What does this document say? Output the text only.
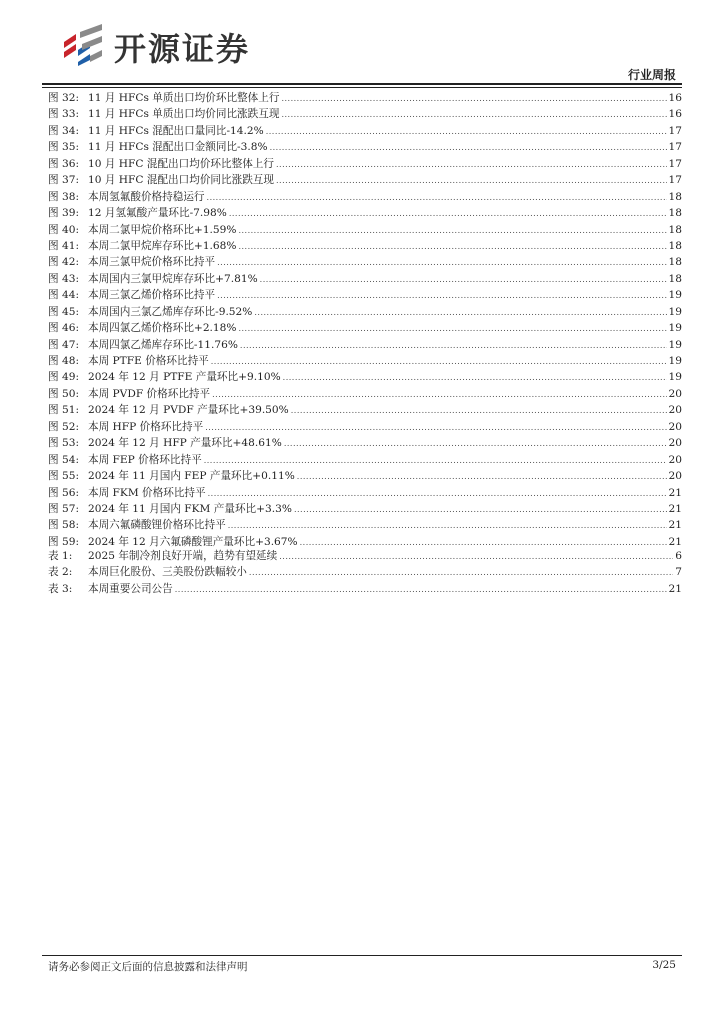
开源证券
行业周报
图 32: 11 月 HFCs 单质出口均价环比整体上行 .....	16
图 33: 11 月 HFCs 单质出口均价同比涨跌互现 .....	16
图 34: 11 月 HFCs 混配出口量同比-14.2% .....	17
图 35: 11 月 HFCs 混配出口金额同比-3.8% .....	17
图 36: 10 月 HFC 混配出口均价环比整体上行 .....	17
图 37: 10 月 HFC 混配出口均价同比涨跌互现 .....	17
图 38: 本周氢氟酸价格持稳运行 .....	18
图 39: 12 月氢氟酸产量环比-7.98% .....	18
图 40: 本周二氯甲烷价格环比+1.59% .....	18
图 41: 本周二氯甲烷库存环比+1.68% .....	18
图 42: 本周三氯甲烷价格环比持平 .....	18
图 43: 本周国内三氯甲烷库存环比+7.81% .....	18
图 44: 本周三氯乙烯价格环比持平 .....	19
图 45: 本周国内三氯乙烯库存环比-9.52% .....	19
图 46: 本周四氯乙烯价格环比+2.18% .....	19
图 47: 本周四氯乙烯库存环比-11.76% .....	19
图 48: 本周 PTFE 价格环比持平 .....	19
图 49: 2024 年 12 月 PTFE 产量环比+9.10% .....	19
图 50: 本周 PVDF 价格环比持平 .....	20
图 51: 2024 年 12 月 PVDF 产量环比+39.50% .....	20
图 52: 本周 HFP 价格环比持平 .....	20
图 53: 2024 年 12 月 HFP 产量环比+48.61% .....	20
图 54: 本周 FEP 价格环比持平 .....	20
图 55: 2024 年 11 月国内 FEP 产量环比+0.11% .....	20
图 56: 本周 FKM 价格环比持平 .....	21
图 57: 2024 年 11 月国内 FKM 产量环比+3.3% .....	21
图 58: 本周六氟磷酸锂价格环比持平 .....	21
图 59: 2024 年 12 月六氟磷酸锂产量环比+3.67% .....	21
表 1:	2025 年制冷剂良好开端，趋势有望延续 .....	6
表 2:	本周巨化股份、三美股份跌幅较小 .....	7
表 3:	本周重要公司公告 .....	21
请务必参阅正文后面的信息披露和法律声明	3/25
